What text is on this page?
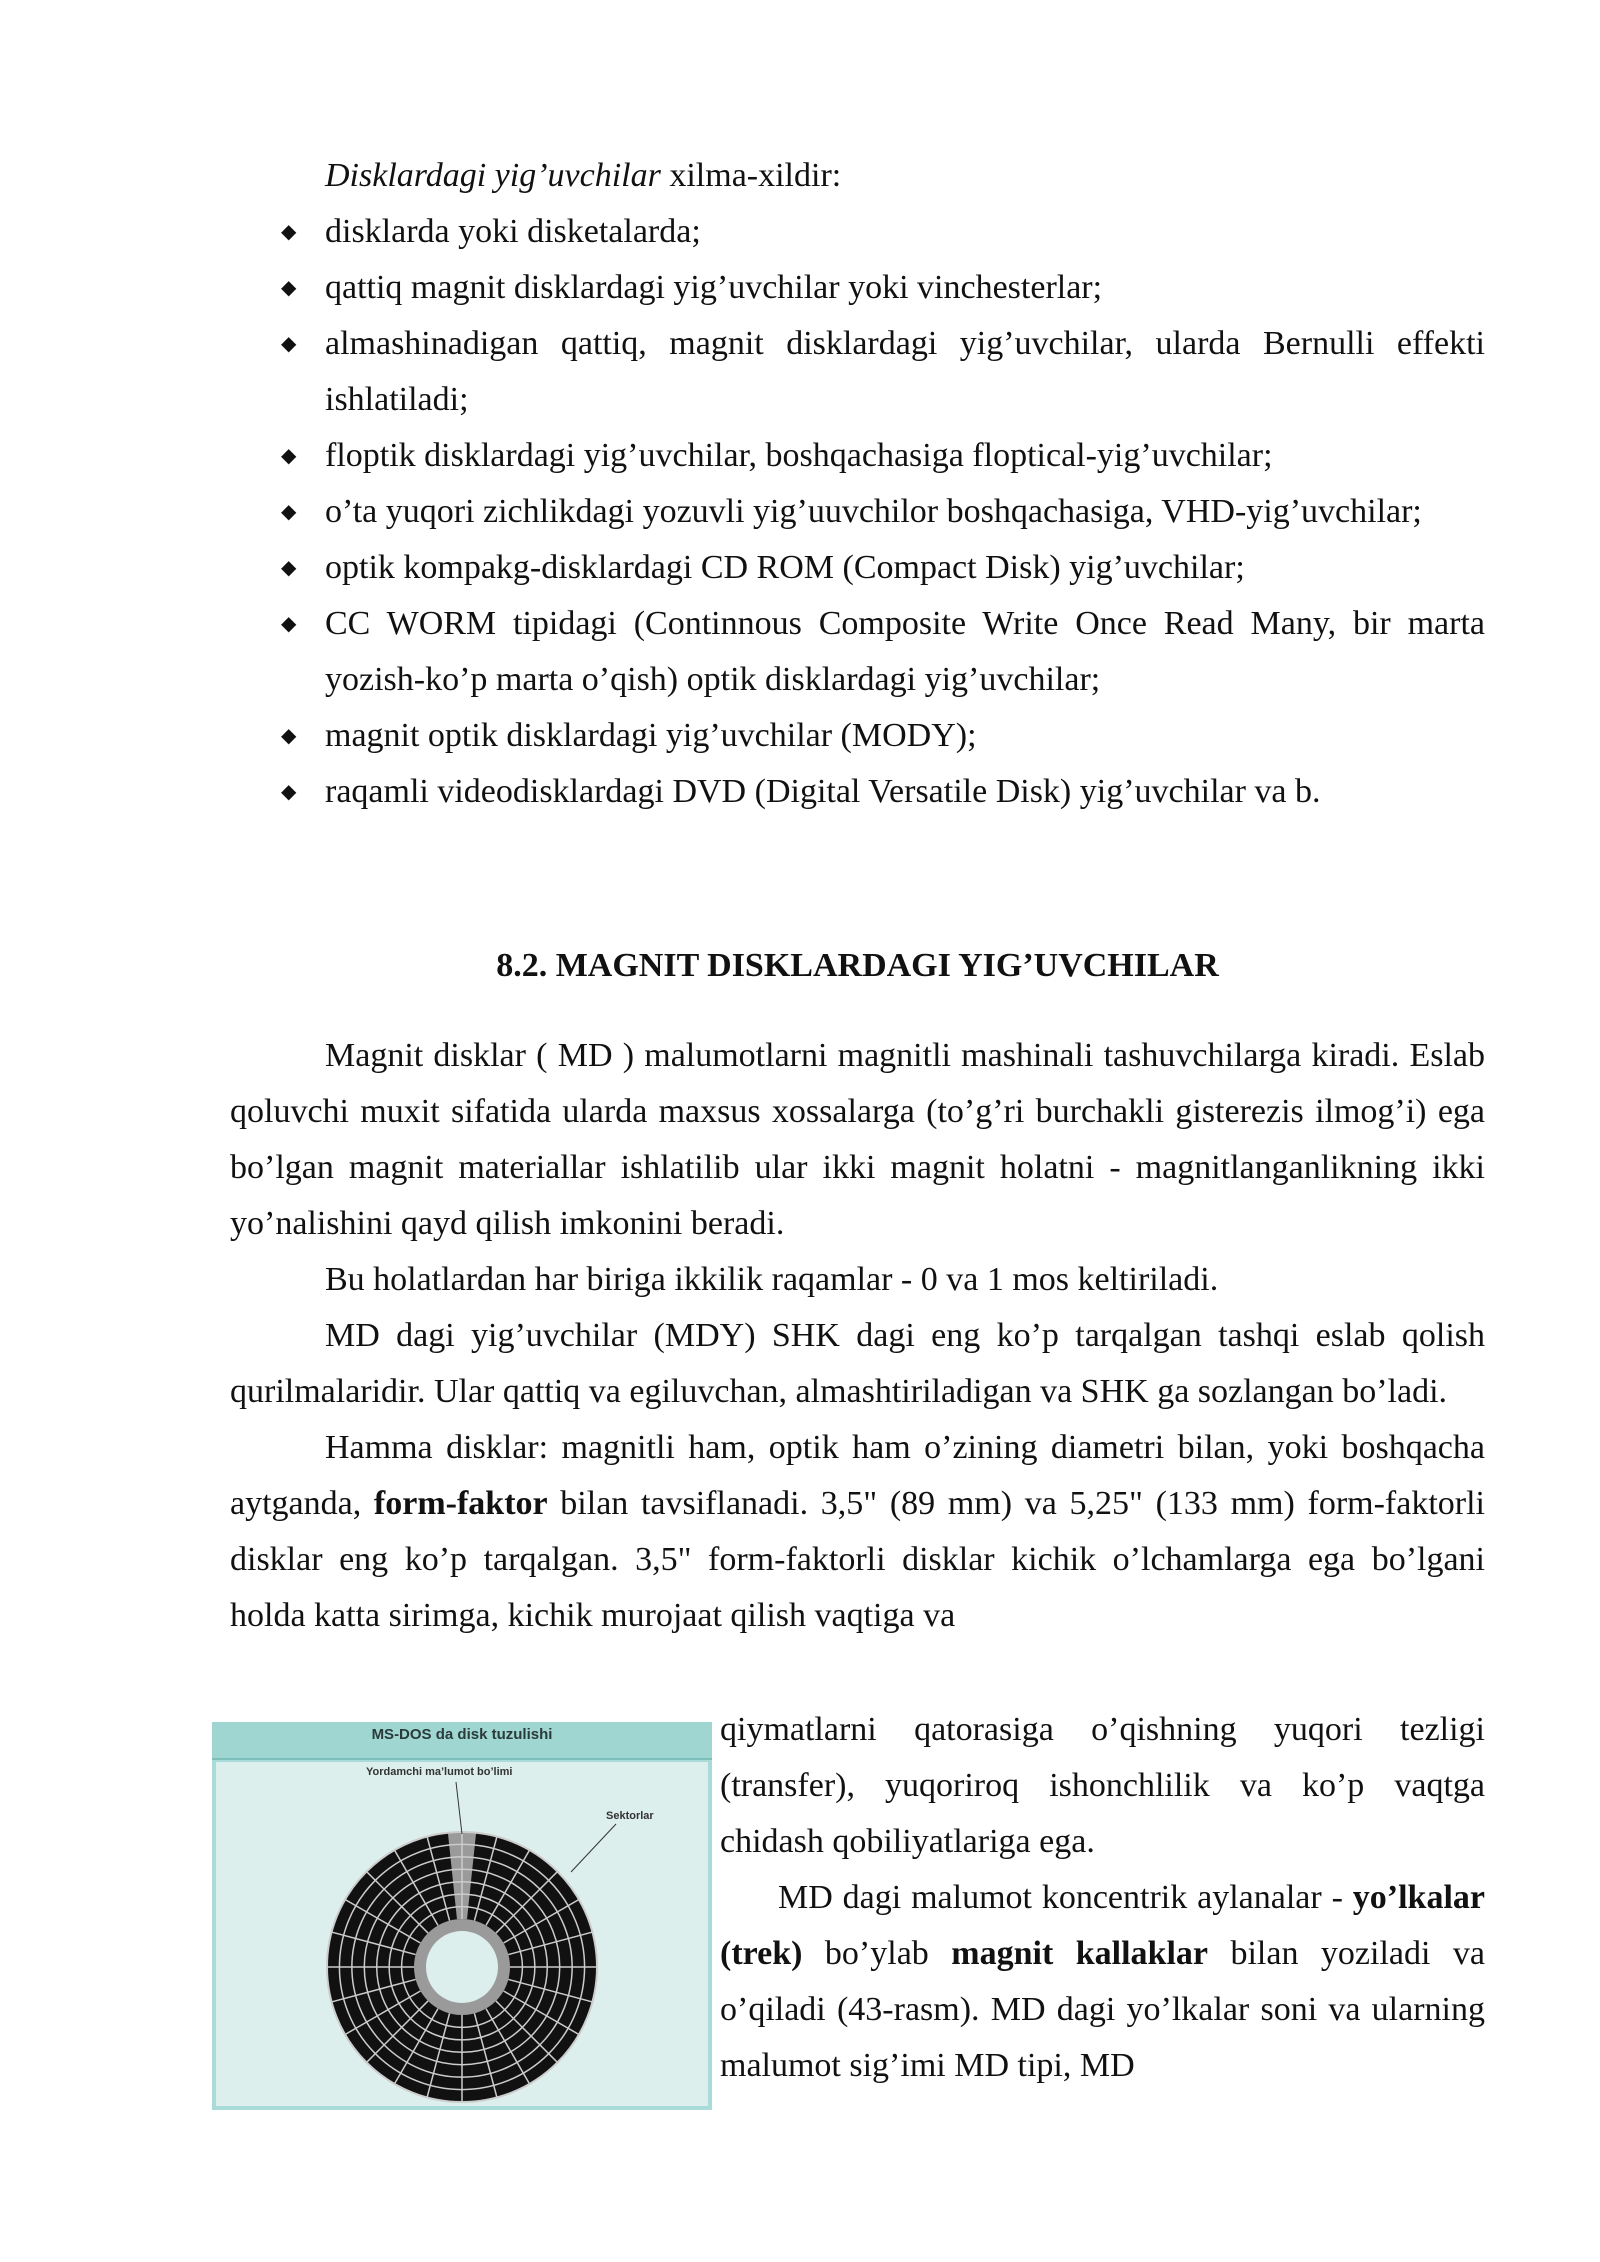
Disklardagi yig’uvchilar xilma-xildir:
◆ disklarda yoki disketalarda;
◆ qattiq magnit disklardagi yig’uvchilar yoki vinchesterlar;
◆ almashinadigan qattiq, magnit disklardagi yig’uvchilar, ularda Bernulli effekti ishlatiladi;
◆ floptik disklardagi yig’uvchilar, boshqachasiga floptical-yig’uvchilar;
◆ o’ta yuqori zichlikdagi yozuvli yig’uuvchilor boshqachasiga, VHD-yig’uvchilar;
◆ optik kompakg-disklardagi CD ROM (Compact Disk) yig’uvchilar;
◆ CC WORM tipidagi (Continnous Composite Write Once Read Many, bir marta yozish-ko’p marta o’qish) optik disklardagi yig’uvchilar;
◆ magnit optik disklardagi yig’uvchilar (MODY);
◆ raqamli videodisklardagi DVD (Digital Versatile Disk) yig’uvchilar va b.
8.2. MAGNIT DISKLARDAGI YIG’UVCHILAR

Magnit disklar ( MD ) malumotlarni magnitli mashinali tashuvchilarga kiradi. Eslab qoluvchi muxit sifatida ularda maxsus xossalarga (to’g’ri burchakli gisterezis ilmog’i) ega bo’lgan magnit materiallar ishlatilib ular ikki magnit holatni - magnitlanganlikning ikki yo’nalishini qayd qilish imkonini beradi.

Bu holatlardan har biriga ikkilik raqamlar - 0 va 1 mos keltiriladi.

MD dagi yig’uvchilar (MDY) SHK dagi eng ko’p tarqalgan tashqi eslab qolish qurilmalaridir. Ular qattiq va egiluvchan, almashtiriladigan va SHK ga sozlangan bo’ladi.

Hamma disklar: magnitli ham, optik ham o’zining diametri bilan, yoki boshqacha aytganda, form-faktor bilan tavsiflanadi. 3,5" (89 mm) va 5,25" (133 mm) form-faktorli disklar eng ko’p tarqalgan. 3,5" form-faktorli disklar kichik o’lchamlarga ega bo’lgani holda katta sirimga, kichik murojaat qilish vaqtiga va

qiymatlarni qatorasiga o’qishning yuqori tezligi (transfer), yuqoriroq ishonchlilik va ko’p vaqtga chidash qobiliyatlariga ega.

MD dagi malumot koncentrik aylanalar - yo’lkalar (trek) bo’ylab magnit kallaklar bilan yoziladi va o’qiladi (43-rasm). MD dagi yo’lkalar soni va ularning malumot sig’imi MD tipi, MD

MS-DOS da disk tuzulishi
Yordamchi ma’lumot bo’limi
Sektorlar
